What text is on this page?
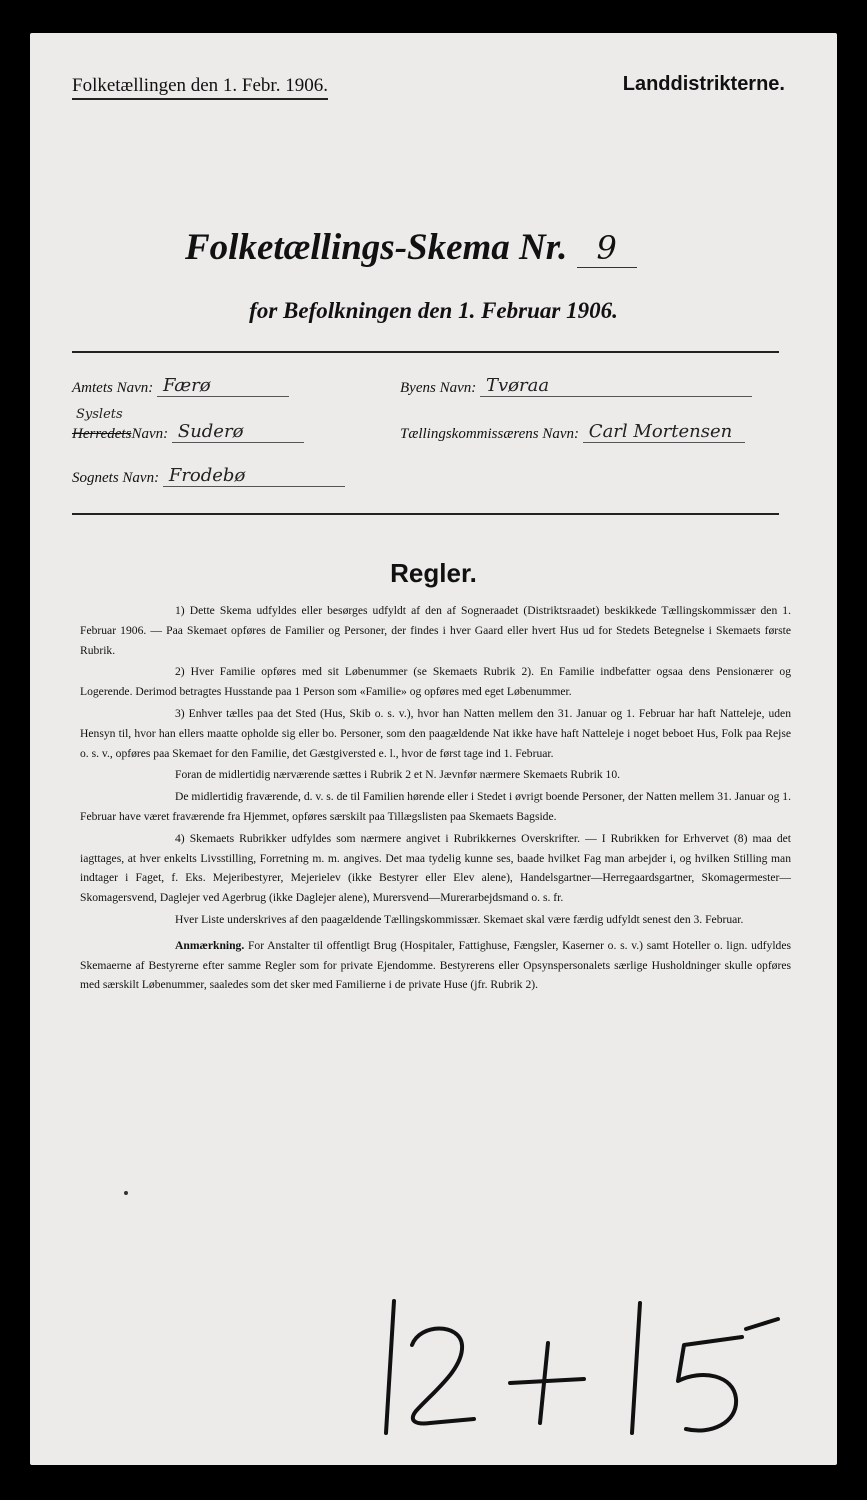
Folketællingen den 1. Febr. 1906.	Landdistrikterne.
Folketællings-Skema Nr. 9
for Befolkningen den 1. Februar 1906.
Amtets Navn: Færø	Byens Navn: Tvøraa
Syslets
HerredetsNavn: Suderø	Tællingskommissærens Navn: Carl Mortensen
Sognets Navn: Frodebø
Regler.

1) Dette Skema udfyldes eller besørges udfyldt af den af Sogneraadet (Distriktsraadet) beskikkede Tællingskommissær den 1. Februar 1906. — Paa Skemaet opføres de Familier og Personer, der findes i hver Gaard eller hvert Hus ud for Stedets Betegnelse i Skemaets første Rubrik.

2) Hver Familie opføres med sit Løbenummer (se Skemaets Rubrik 2). En Familie indbefatter ogsaa dens Pensionærer og Logerende. Derimod betragtes Husstande paa 1 Person som «Familie» og opføres med eget Løbenummer.

3) Enhver tælles paa det Sted (Hus, Skib o. s. v.), hvor han Natten mellem den 31. Januar og 1. Februar har haft Natteleje, uden Hensyn til, hvor han ellers maatte opholde sig eller bo. Personer, som den paagældende Nat ikke have haft Natteleje i noget beboet Hus, Folk paa Rejse o. s. v., opføres paa Skemaet for den Familie, det Gæstgiversted e. l., hvor de først tage ind 1. Februar.

Foran de midlertidig nærværende sættes i Rubrik 2 et N. Jævnfør nærmere Skemaets Rubrik 10.

De midlertidig fraværende, d. v. s. de til Familien hørende eller i Stedet i øvrigt boende Personer, der Natten mellem 31. Januar og 1. Februar have været fraværende fra Hjemmet, opføres særskilt paa Tillægslisten paa Skemaets Bagside.

4) Skemaets Rubrikker udfyldes som nærmere angivet i Rubrikkernes Overskrifter. — I Rubrikken for Erhvervet (8) maa det iagttages, at hver enkelts Livsstilling, Forretning m. m. angives. Det maa tydelig kunne ses, baade hvilket Fag man arbejder i, og hvilken Stilling man indtager i Faget, f. Eks. Mejeribestyrer, Mejerielev (ikke Bestyrer eller Elev alene), Handelsgartner—Herregaardsgartner, Skomagermester—Skomagersvend, Daglejer ved Agerbrug (ikke Daglejer alene), Murersvend—Murerarbejdsmand o. s. fr.

Hver Liste underskrives af den paagældende Tællingskommissær. Skemaet skal være færdig udfyldt senest den 3. Februar.

Anmærkning. For Anstalter til offentligt Brug (Hospitaler, Fattighuse, Fængsler, Kaserner o. s. v.) samt Hoteller o. lign. udfyldes Skemaerne af Bestyrerne efter samme Regler som for private Ejendomme. Bestyrerens eller Opsynspersonalets særlige Husholdninger skulle opføres med særskilt Løbenummer, saaledes som det sker med Familierne i de private Huse (jfr. Rubrik 2).
